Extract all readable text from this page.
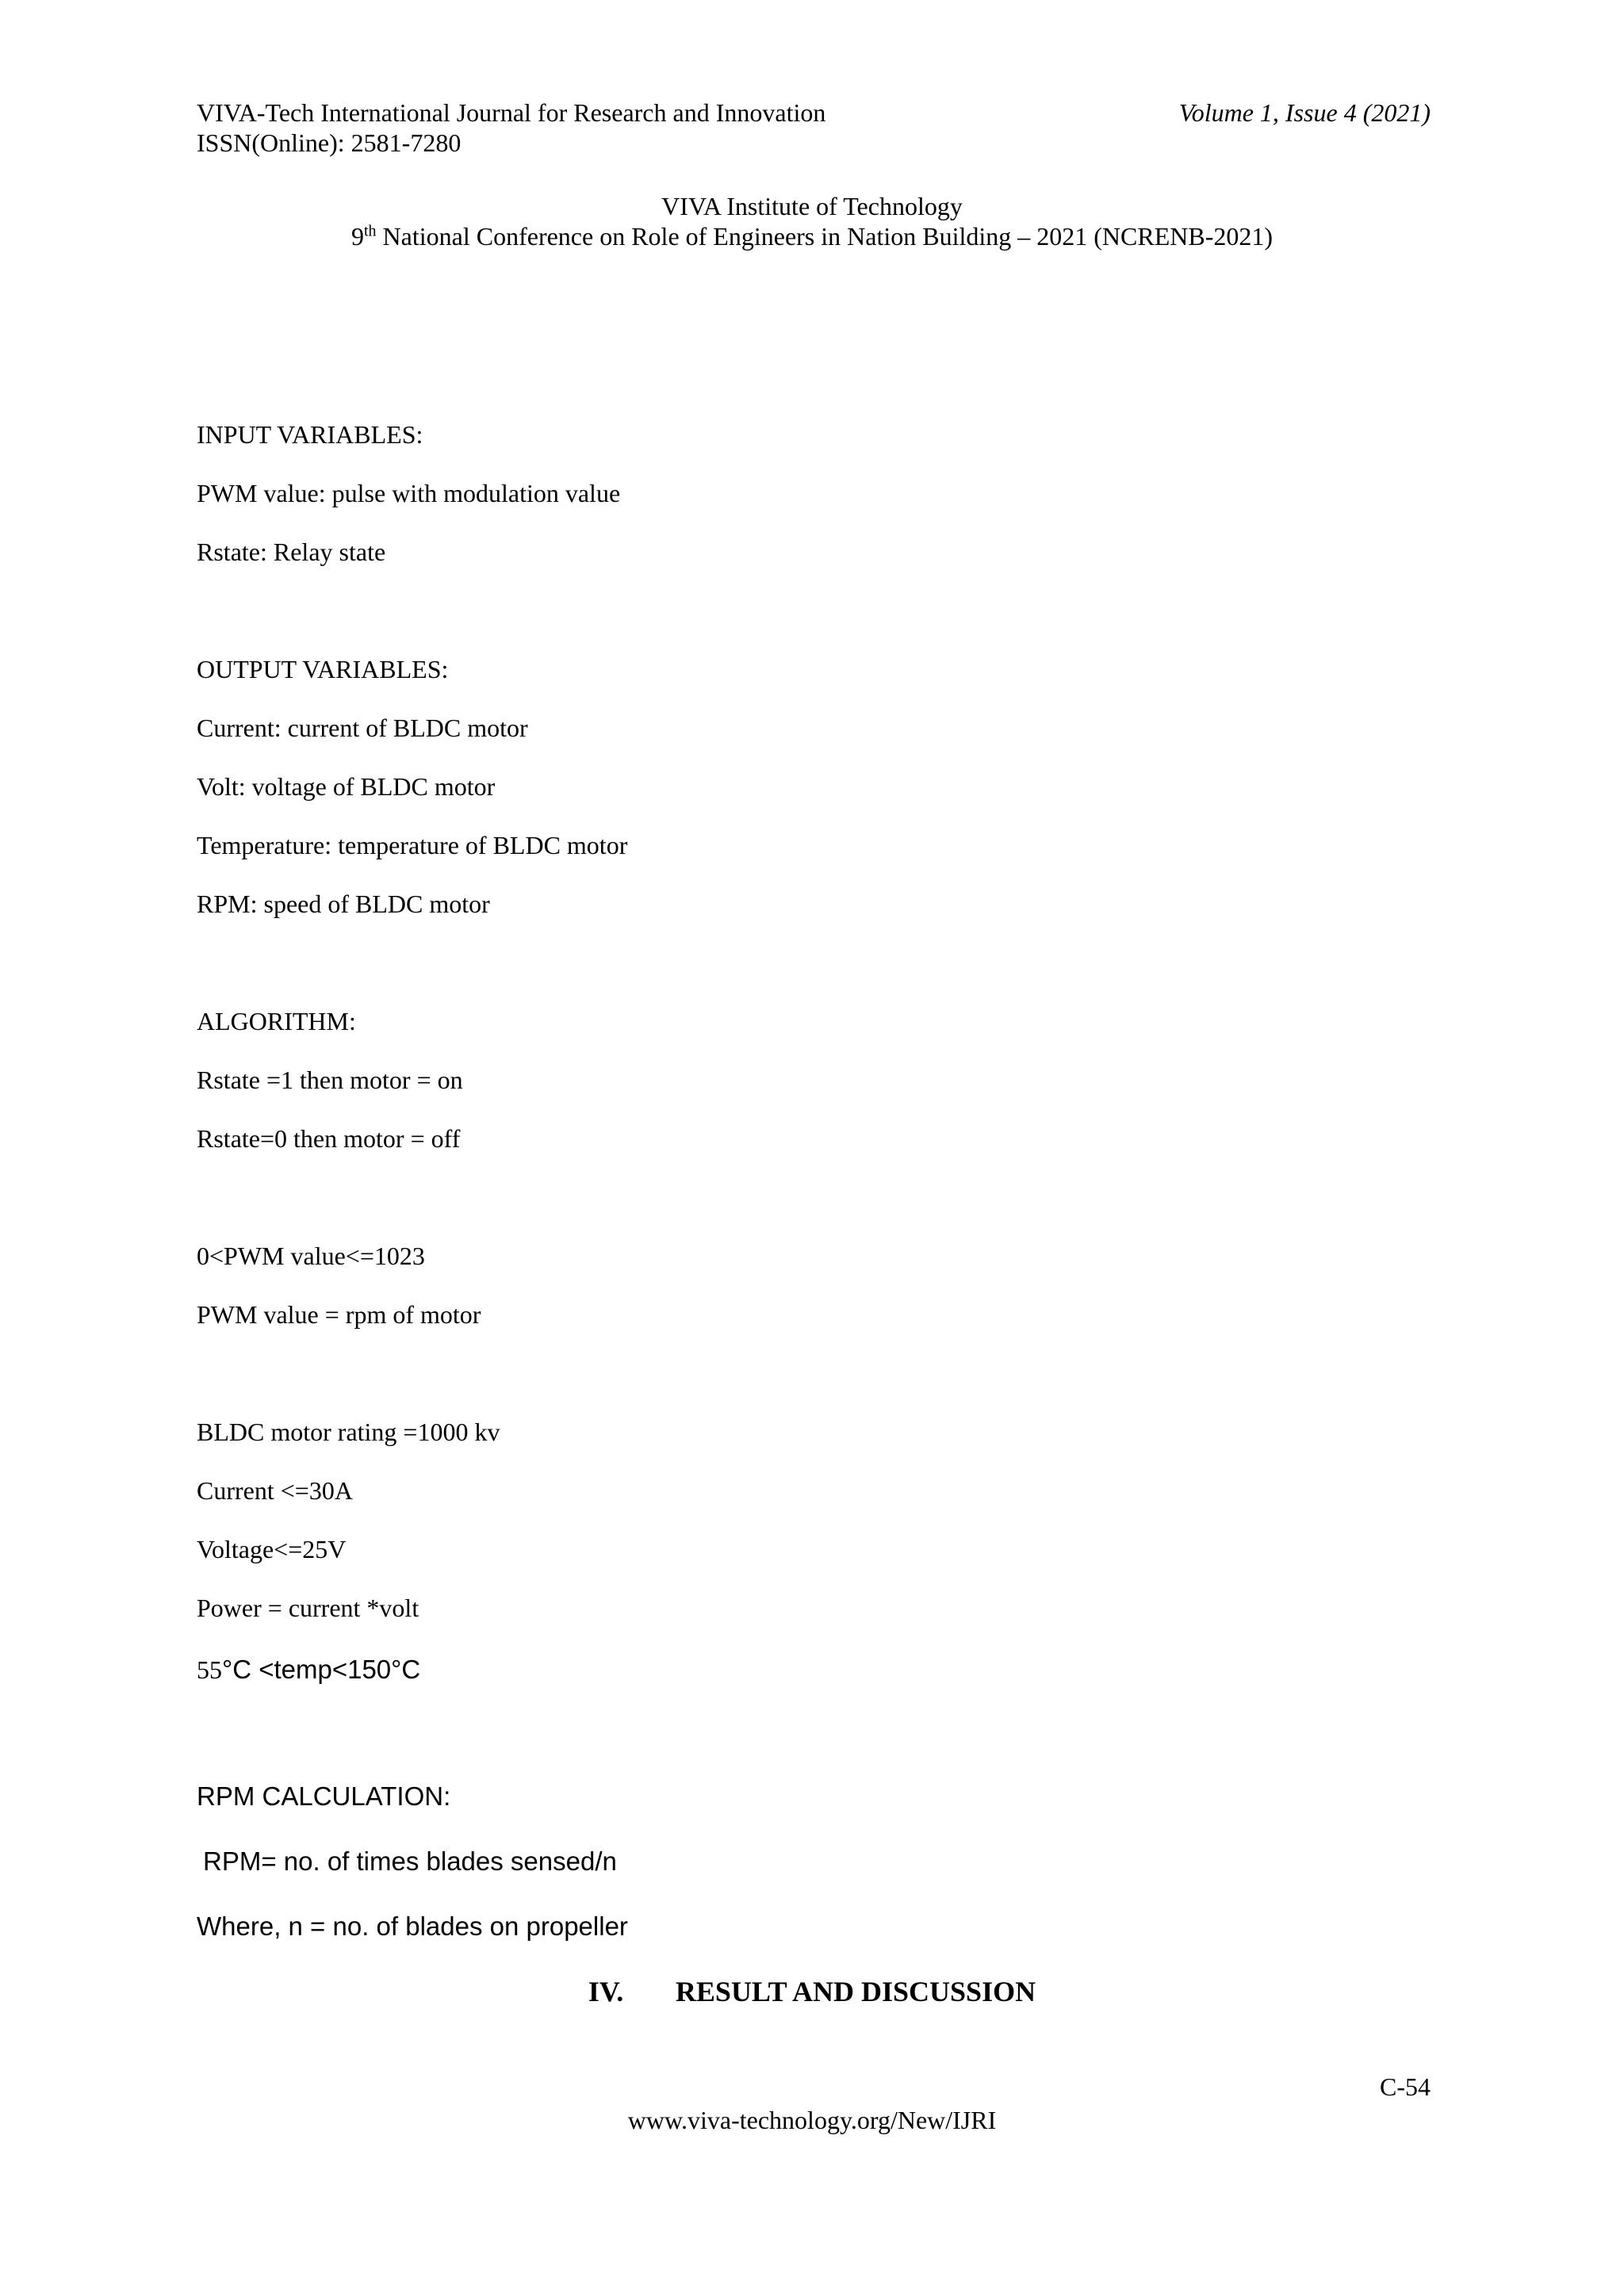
VIVA-Tech International Journal for Research and Innovation
ISSN(Online): 2581-7280
Volume 1, Issue 4 (2021)
VIVA Institute of Technology
9th National Conference on Role of Engineers in Nation Building – 2021 (NCRENB-2021)
INPUT VARIABLES:
PWM value: pulse with modulation value
Rstate: Relay state
OUTPUT VARIABLES:
Current: current of BLDC motor
Volt: voltage of BLDC motor
Temperature: temperature of BLDC motor
RPM: speed of BLDC motor
ALGORITHM:
Rstate =1 then motor = on
Rstate=0 then motor = off
0<PWM value<=1023
PWM value = rpm of motor
BLDC motor rating =1000 kv
Current <=30A
Voltage<=25V
Power = current *volt
55°C <temp<150°C
RPM CALCULATION:
RPM= no. of times blades sensed/n
Where, n = no. of blades on propeller
IV. RESULT AND DISCUSSION
C-54
www.viva-technology.org/New/IJRI
